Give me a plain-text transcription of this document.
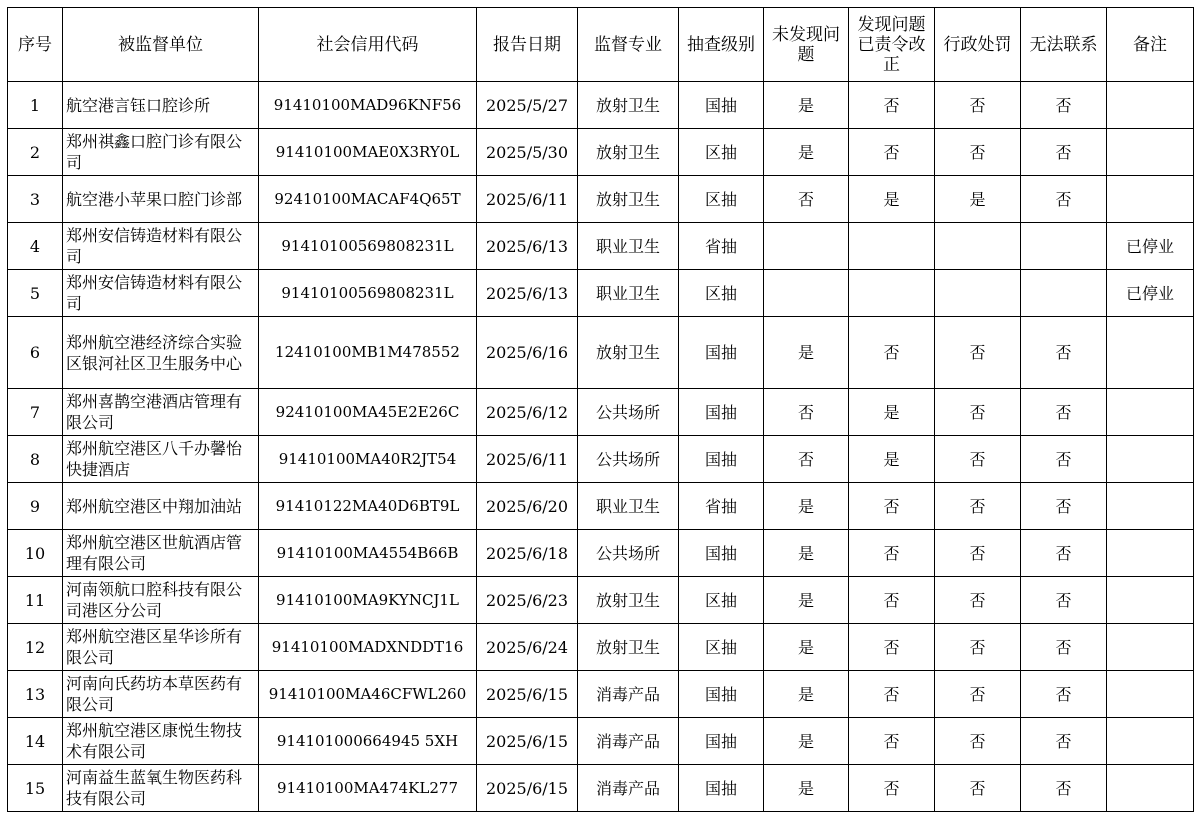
序号	被监督单位	社会信用代码	报告日期	监督专业	抽查级别	未发现问题	发现问题已责令改正	行政处罚	无法联系	备注
1	航空港言钰口腔诊所	91410100MAD96KNF56	2025/5/27	放射卫生	国抽	是	否	否	否	
2	郑州祺鑫口腔门诊有限公司	91410100MAE0X3RY0L	2025/5/30	放射卫生	区抽	是	否	否	否	
3	航空港小苹果口腔门诊部	92410100MACAF4Q65T	2025/6/11	放射卫生	区抽	否	是	是	否	
4	郑州安信铸造材料有限公司	91410100569808231L	2025/6/13	职业卫生	省抽					已停业
5	郑州安信铸造材料有限公司	91410100569808231L	2025/6/13	职业卫生	区抽					已停业
6	郑州航空港经济综合实验区银河社区卫生服务中心	12410100MB1M478552	2025/6/16	放射卫生	国抽	是	否	否	否	
7	郑州喜鹊空港酒店管理有限公司	92410100MA45E2E26C	2025/6/12	公共场所	国抽	否	是	否	否	
8	郑州航空港区八千办馨怡快捷酒店	91410100MA40R2JT54	2025/6/11	公共场所	国抽	否	是	否	否	
9	郑州航空港区中翔加油站	91410122MA40D6BT9L	2025/6/20	职业卫生	省抽	是	否	否	否	
10	郑州航空港区世航酒店管理有限公司	91410100MA4554B66B	2025/6/18	公共场所	国抽	是	否	否	否	
11	河南领航口腔科技有限公司港区分公司	91410100MA9KYNCJ1L	2025/6/23	放射卫生	区抽	是	否	否	否	
12	郑州航空港区星华诊所有限公司	91410100MADXNDDT16	2025/6/24	放射卫生	区抽	是	否	否	否	
13	河南向氏药坊本草医药有限公司	91410100MA46CFWL260	2025/6/15	消毒产品	国抽	是	否	否	否	
14	郑州航空港区康悦生物技术有限公司	914101000664945 5XH	2025/6/15	消毒产品	国抽	是	否	否	否	
15	河南益生蓝氧生物医药科技有限公司	91410100MA474KL277	2025/6/15	消毒产品	国抽	是	否	否	否	
